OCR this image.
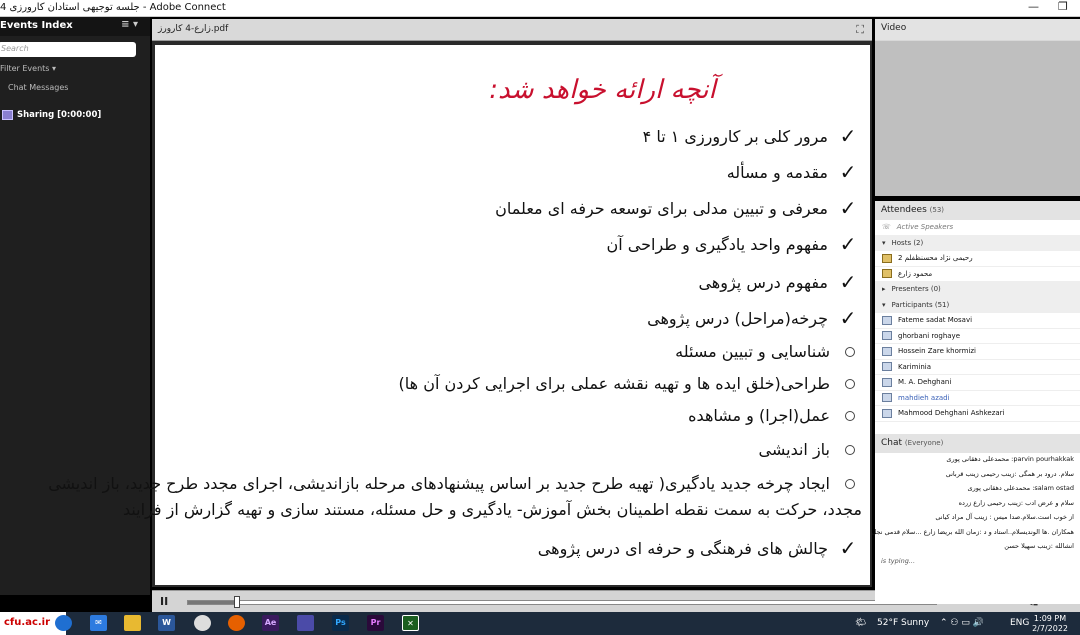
جلسه توجیهی استادان کارورزی 4 - Adobe Connect	— ❐
Events Index	≡ ▾
Search
Filter Events ▾
Chat Messages
Sharing [0:00:00]
زارع-4 کارورز.pdf	⛶
آنچه ارائه خواهد شد:
✓
مرور کلی بر کارورزی ۱ تا ۴
✓
مقدمه و مسأله
✓
معرفی و تبیین مدلی برای توسعه حرفه ای معلمان
✓
مفهوم واحد یادگیری و طراحی آن
✓
مفهوم درس پژوهی
✓
چرخه(مراحل) درس پژوهی
شناسایی و تبیین مسئله
طراحی(خلق ایده ها و تهیه نقشه عملی برای اجرایی کردن آن ها)
عمل(اجرا) و مشاهده
باز اندیشی
ایجاد چرخه جدید یادگیری( تهیه طرح جدید بر اساس پیشنهادهای مرحله بازاندیشی، اجرای مجدد طرح جدید، باز اندیشی
مجدد، حرکت به سمت نقطه اطمینان بخش آموزش- یادگیری و حل مسئله، مستند سازی و تهیه گزارش از فرایند
✓
چالش های فرهنگی و حرفه ای درس پژوهی
II
Video
Attendees (53)
☏ Active Speakers
▾ Hosts (2)
رحیمی نژاد محسنظفلم 2
محمود زارع
▸ Presenters (0)
▾ Participants (51)
Fateme sadat Mosavi
ghorbani roghaye
Hossein Zare khormizi
Kariminia
M. A. Dehghani
mahdieh azadi
Mahmood Dehghani Ashkezari
Chat (Everyone)
parvin pourhakkak: محمدعلی دهقانی پوری
سلام. درود بر همگی :زینب رحیمی زینب قربانی
salam ostad: محمدعلی دهقانی پوری
سلام و عرض ادب :زینب رحیمی زارع زرده
از خوب است.سلام.صدا میس : زینب آل مراد کیانی
همکاران .ها الوندیسلام..استاد و د :زمان الله بریضا زارع ...سلام قدمی نجل
انشالله :زینب سهیلا حسن
is typing...
cfu.ac.ir	✉	W	Ae	Ps	Pr	✕	🌤 52°F Sunny ⌃ ⚇ ▭ 🔊	ENG 1:09 PM
2/7/2022
